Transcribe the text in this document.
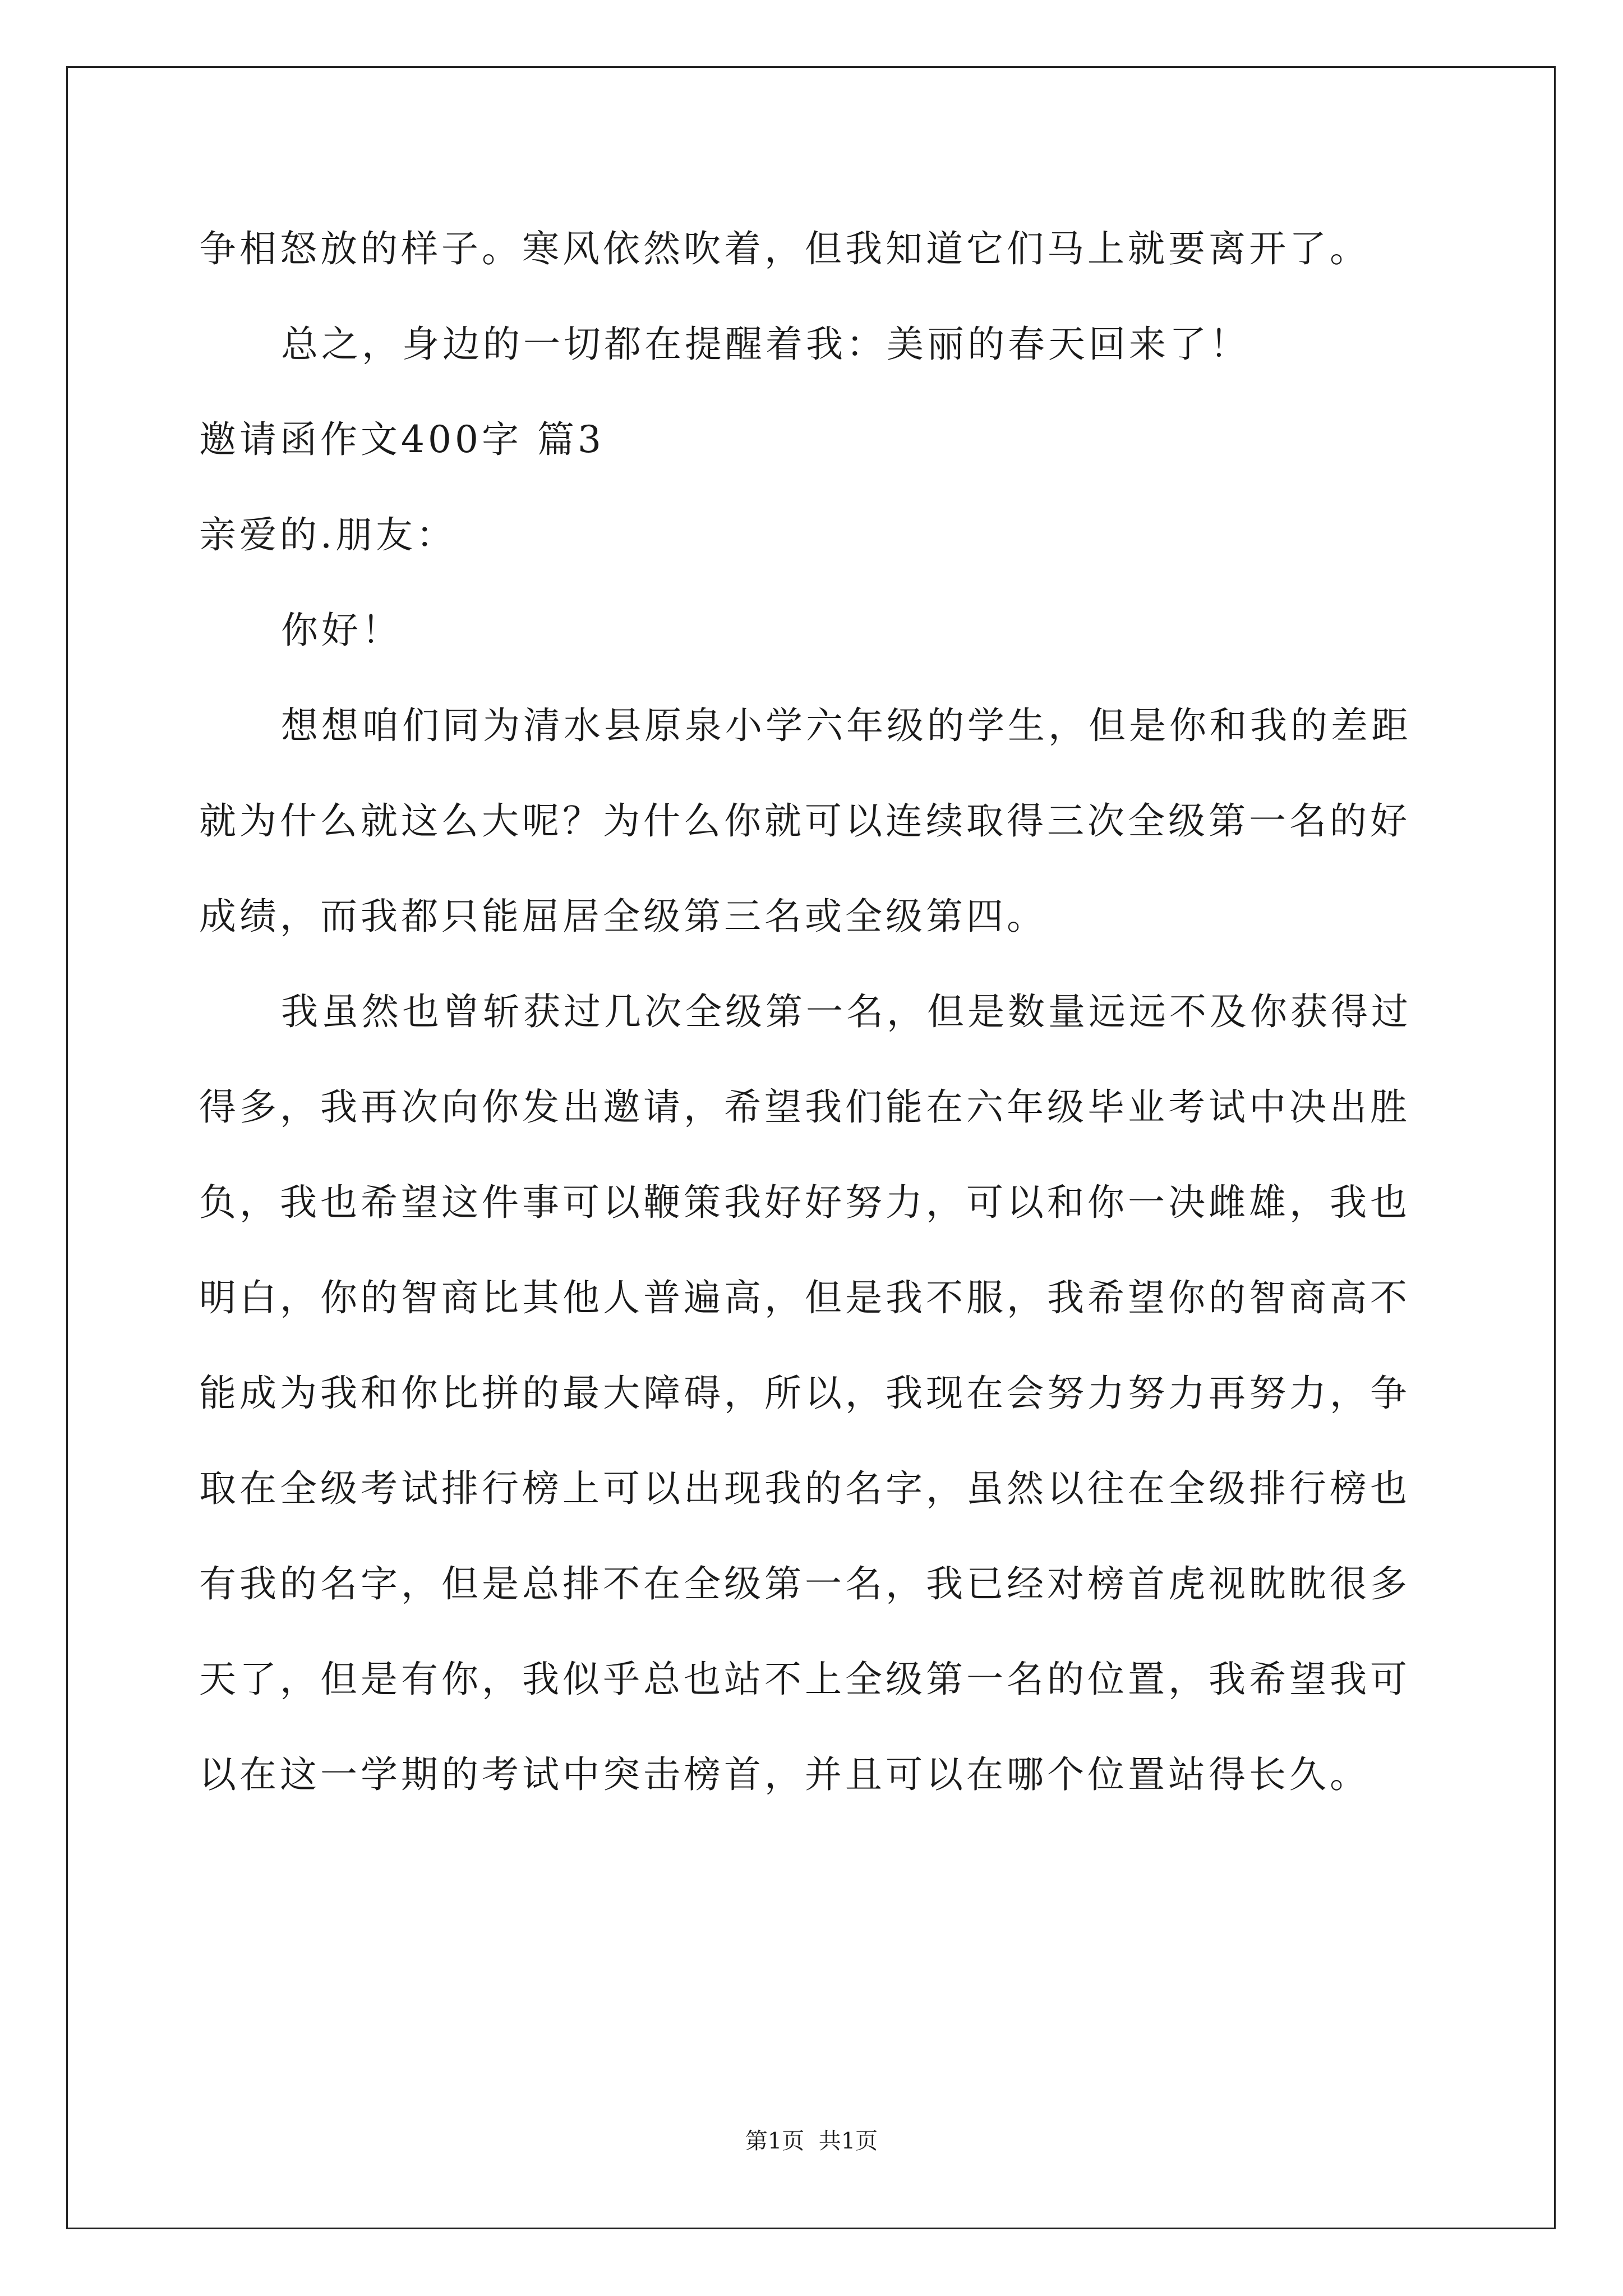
争相怒放的样子。寒风依然吹着，但我知道它们马上就要离开了。
总之，身边的一切都在提醒着我：美丽的春天回来了！
邀请函作文400字 篇3
亲爱的.朋友：
你好！
想想咱们同为清水县原泉小学六年级的学生，但是你和我的差距
就为什么就这么大呢？为什么你就可以连续取得三次全级第一名的好
成绩，而我都只能屈居全级第三名或全级第四。
我虽然也曾斩获过几次全级第一名，但是数量远远不及你获得过
得多，我再次向你发出邀请，希望我们能在六年级毕业考试中决出胜
负，我也希望这件事可以鞭策我好好努力，可以和你一决雌雄，我也
明白，你的智商比其他人普遍高，但是我不服，我希望你的智商高不
能成为我和你比拼的最大障碍，所以，我现在会努力努力再努力，争
取在全级考试排行榜上可以出现我的名字，虽然以往在全级排行榜也
有我的名字，但是总排不在全级第一名，我已经对榜首虎视眈眈很多
天了，但是有你，我似乎总也站不上全级第一名的位置，我希望我可
以在这一学期的考试中突击榜首，并且可以在哪个位置站得长久。
第1页  共1页
